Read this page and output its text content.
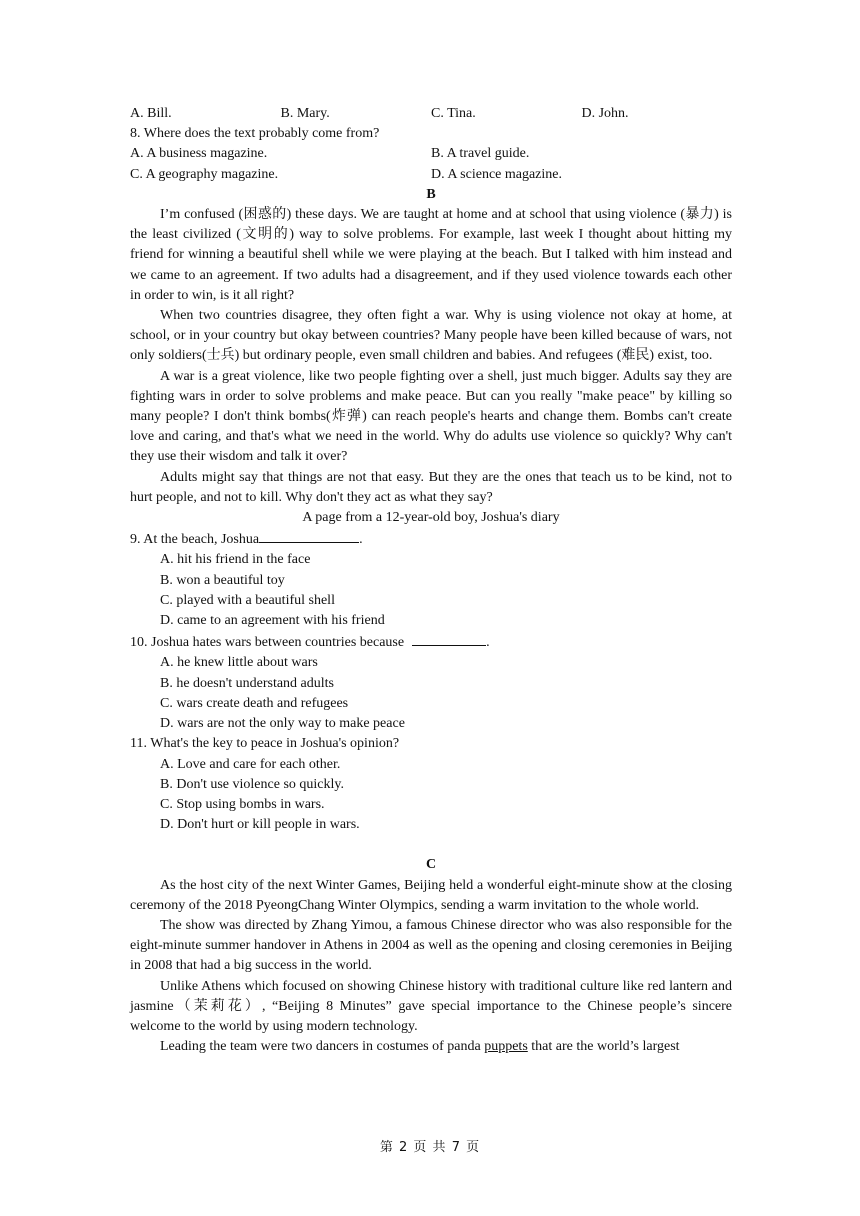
A. Bill.	B. Mary.	C. Tina.	D. John.
8. Where does the text probably come from?
A. A business magazine.	B. A travel guide.
C. A geography magazine.	D. A science magazine.
B
I’m confused (困惑的) these days. We are taught at home and at school that using violence (暴力) is the least civilized (文明的) way to solve problems. For example, last week I thought about hitting my friend for winning a beautiful shell while we were playing at the beach. But I talked with him instead and we came to an agreement. If two adults had a disagreement, and if they used violence towards each other in order to win, is it all right?
When two countries disagree, they often fight a war. Why is using violence not okay at home, at school, or in your country but okay between countries? Many people have been killed because of wars, not only soldiers(士兵) but ordinary people, even small children and babies. And refugees (难民) exist, too.
A war is a great violence, like two people fighting over a shell, just much bigger. Adults say they are fighting wars in order to solve problems and make peace. But can you really "make peace" by killing so many people? I don't think bombs(炸弹) can reach people's hearts and change them. Bombs can't create love and caring, and that's what we need in the world. Why do adults use violence so quickly? Why can't they use their wisdom and talk it over?
Adults might say that things are not that easy. But they are the ones that teach us to be kind, not to hurt people, and not to kill. Why don't they act as what they say?
A page from a 12-year-old boy, Joshua's diary
9. At the beach, Joshua	.
A. hit his friend in the face
B. won a beautiful toy
C. played with a beautiful shell
D. came to an agreement with his friend
10. Joshua hates wars between countries because	.
A. he knew little about wars
B. he doesn't understand adults
C. wars create death and refugees
D. wars are not the only way to make peace
11. What's the key to peace in Joshua's opinion?
A. Love and care for each other.
B. Don't use violence so quickly.
C. Stop using bombs in wars.
D. Don't hurt or kill people in wars.
C
As the host city of the next Winter Games, Beijing held a wonderful eight-minute show at the closing ceremony of the 2018 PyeongChang Winter Olympics, sending a warm invitation to the whole world.
The show was directed by Zhang Yimou, a famous Chinese director who was also responsible for the eight-minute summer handover in Athens in 2004 as well as the opening and closing ceremonies in Beijing in 2008 that had a big success in the world.
Unlike Athens which focused on showing Chinese history with traditional culture like red lantern and jasmine（茉莉花）, “Beijing 8 Minutes” gave special importance to the Chinese people’s sincere welcome to the world by using modern technology.
Leading the team were two dancers in costumes of panda puppets that are the world’s largest
第 2 页 共 7 页
